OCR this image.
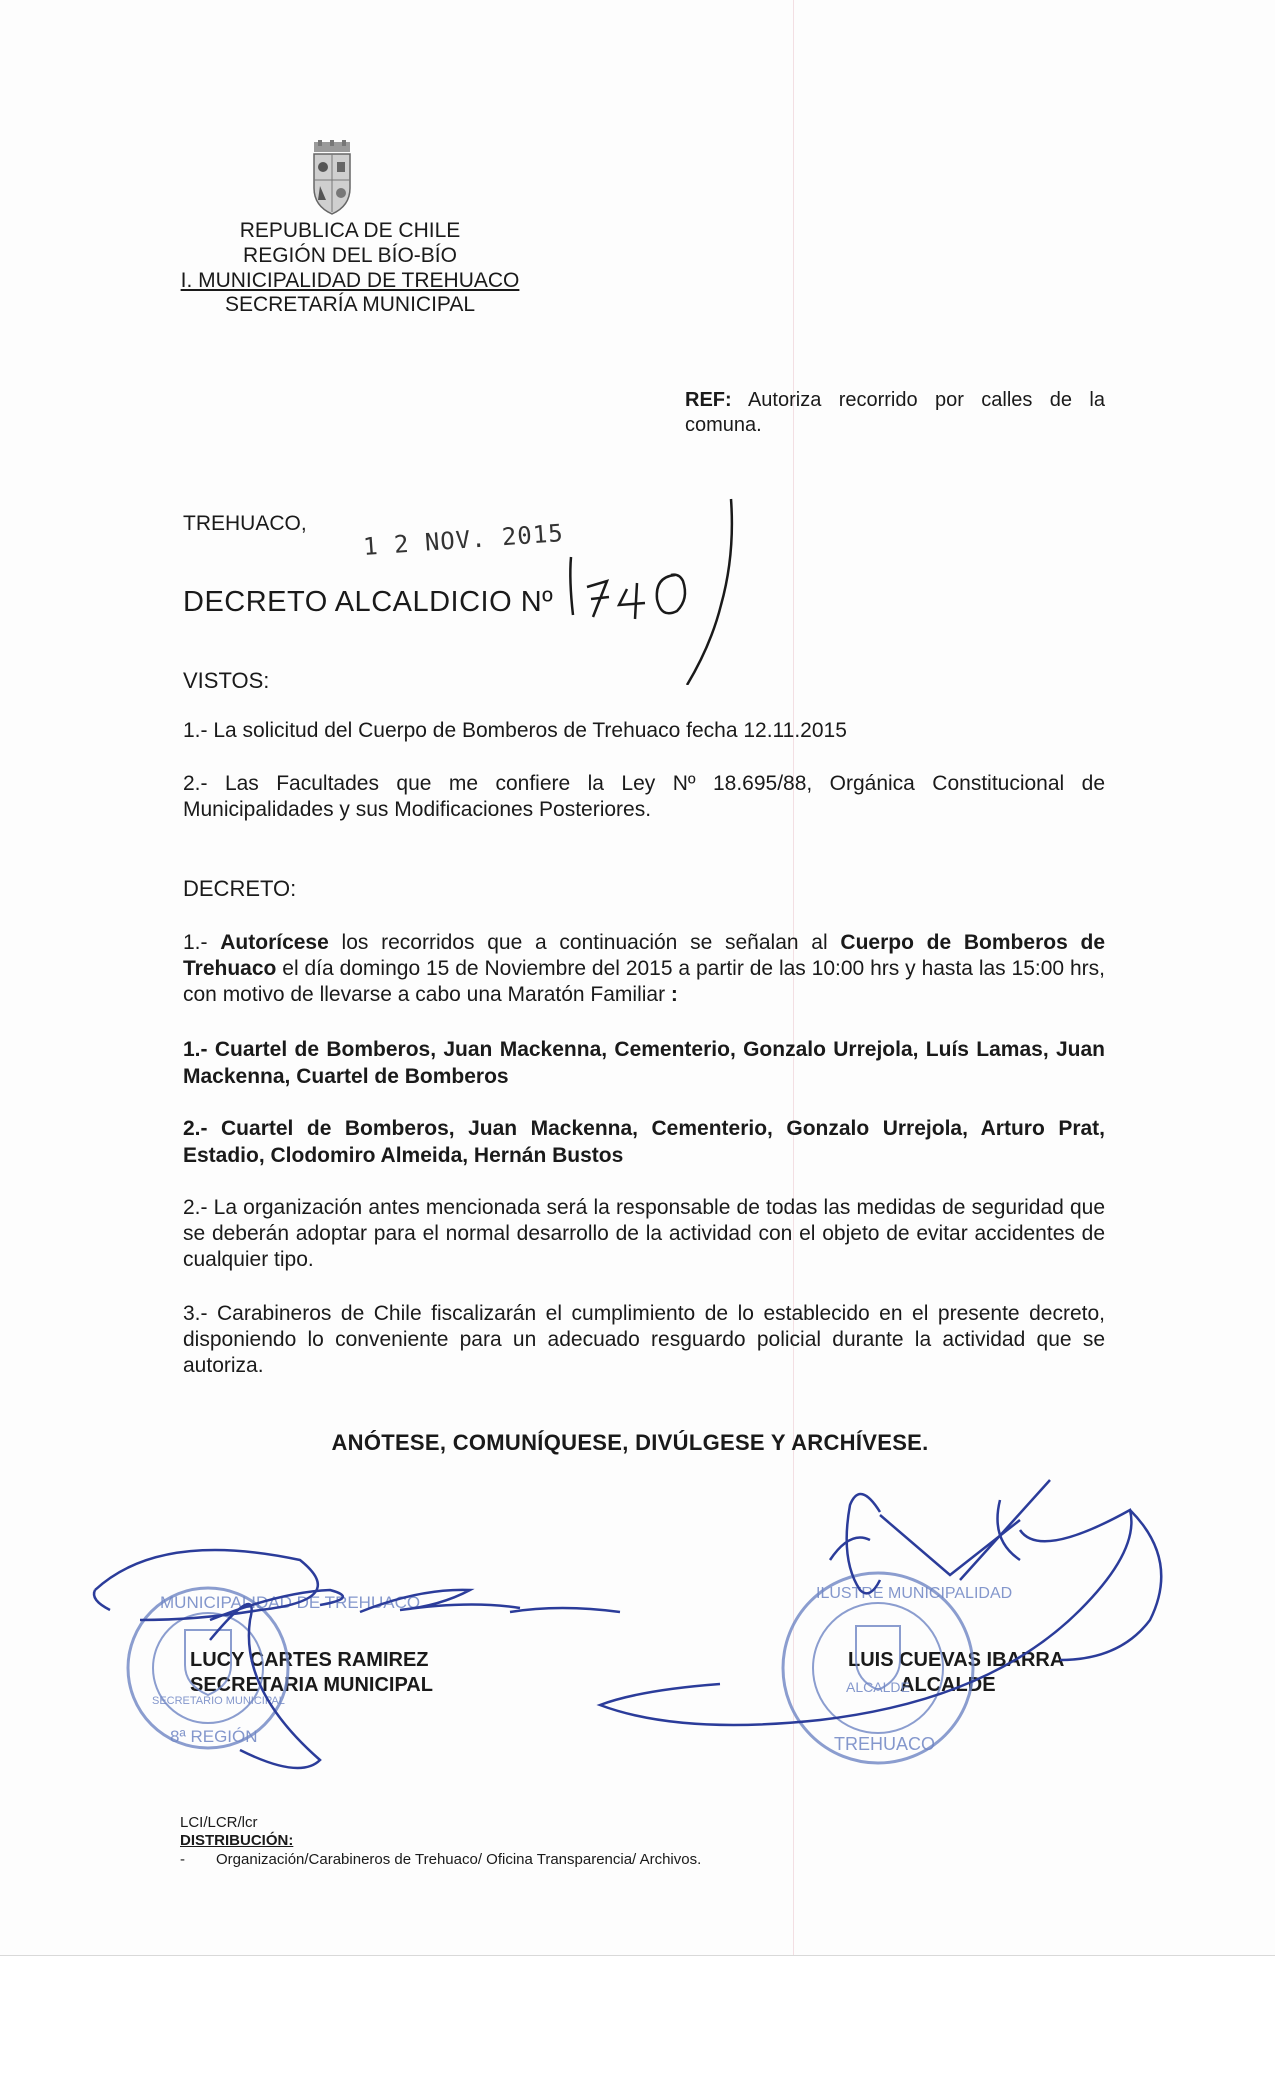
REPUBLICA DE CHILE
REGIÓN DEL BÍO-BÍO
I. MUNICIPALIDAD DE TREHUACO
SECRETARÍA MUNICIPAL
REF: Autoriza recorrido por calles de la
comuna.
TREHUACO, 1 2 NOV. 2015
DECRETO ALCALDICIO Nº
VISTOS:
1.- La solicitud del Cuerpo de Bomberos de Trehuaco fecha 12.11.2015
2.- Las Facultades que me confiere la Ley Nº 18.695/88, Orgánica Constitucional de
Municipalidades y sus Modificaciones Posteriores.
DECRETO:
1.- Autorícese los recorridos que a continuación se señalan al Cuerpo de Bomberos de Trehuaco el día domingo 15 de Noviembre del 2015 a partir de las 10:00 hrs y hasta las 15:00 hrs, con motivo de llevarse a cabo una Maratón Familiar :
1.- Cuartel de Bomberos, Juan Mackenna, Cementerio, Gonzalo Urrejola, Luís Lamas, Juan Mackenna, Cuartel de Bomberos
2.- Cuartel de Bomberos, Juan Mackenna, Cementerio, Gonzalo Urrejola, Arturo Prat, Estadio, Clodomiro Almeida, Hernán Bustos
2.- La organización antes mencionada será la responsable de todas las medidas de seguridad que se deberán adoptar para el normal desarrollo de la actividad con el objeto de evitar accidentes de cualquier tipo.
3.- Carabineros de Chile fiscalizarán el cumplimiento de lo establecido en el presente decreto, disponiendo lo conveniente para un adecuado resguardo policial durante la actividad que se autoriza.
ANÓTESE, COMUNÍQUESE, DIVÚLGESE Y ARCHÍVESE.
LUCY CARTES RAMIREZ
SECRETARIA MUNICIPAL
LUIS CUEVAS IBARRA
ALCALDE
LCI/LCR/lcr
DISTRIBUCIÓN:
- Organización/Carabineros de Trehuaco/ Oficina Transparencia/ Archivos.
MUNICIPALIDAD DE TREHUACO
8ª REGIÓN
SECRETARIO MUNICIPAL
ILUSTRE MUNICIPALIDAD
TREHUACO
ALCALDE
